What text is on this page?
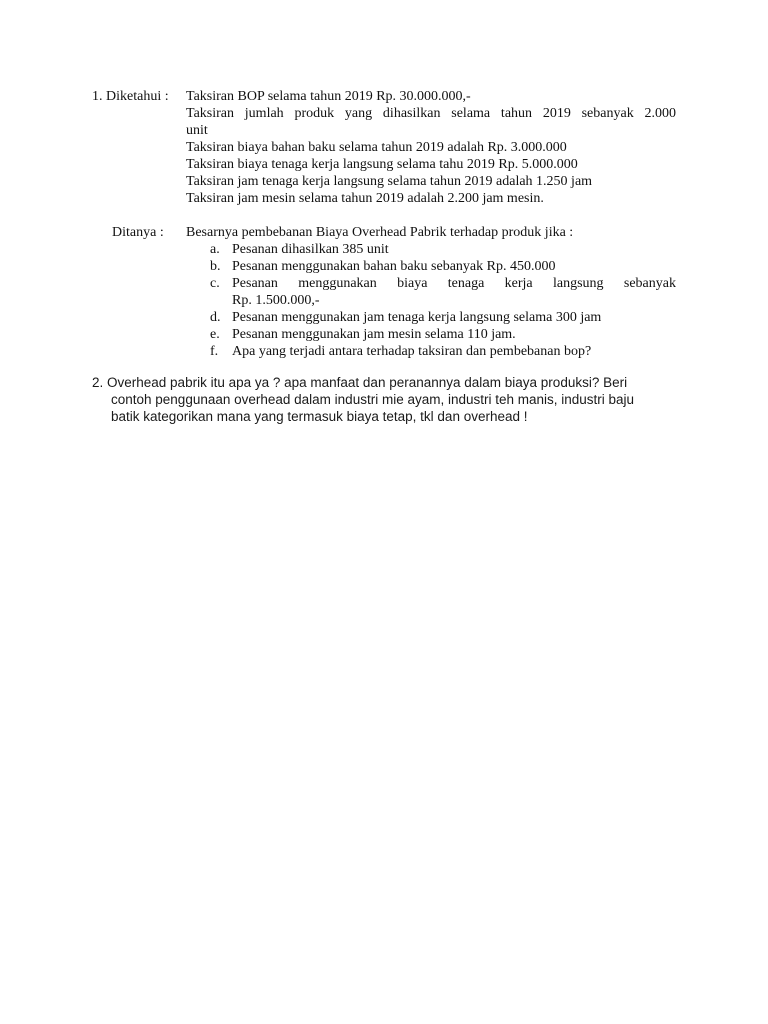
1. Diketahui :	Taksiran BOP selama tahun 2019 Rp. 30.000.000,-
Taksiran jumlah produk yang dihasilkan selama tahun 2019 sebanyak 2.000
unit
Taksiran biaya bahan baku selama tahun 2019 adalah Rp. 3.000.000
Taksiran biaya tenaga kerja langsung selama tahu 2019 Rp. 5.000.000
Taksiran jam tenaga kerja langsung selama tahun 2019 adalah 1.250 jam
Taksiran jam mesin selama tahun 2019 adalah 2.200 jam mesin.
Ditanya :	Besarnya pembebanan Biaya Overhead Pabrik terhadap produk jika :
a. Pesanan dihasilkan 385 unit
b. Pesanan menggunakan bahan baku sebanyak Rp. 450.000
c. Pesanan menggunakan biaya tenaga kerja langsung sebanyak
Rp. 1.500.000,-
d. Pesanan menggunakan jam tenaga kerja langsung selama 300 jam
e. Pesanan menggunakan jam mesin selama 110 jam.
f. Apa yang terjadi antara terhadap taksiran dan pembebanan bop?
2. Overhead pabrik itu apa ya ? apa manfaat dan peranannya dalam biaya produksi? Beri
contoh penggunaan overhead dalam industri mie ayam, industri teh manis, industri baju
batik kategorikan mana yang termasuk biaya tetap, tkl dan overhead !
